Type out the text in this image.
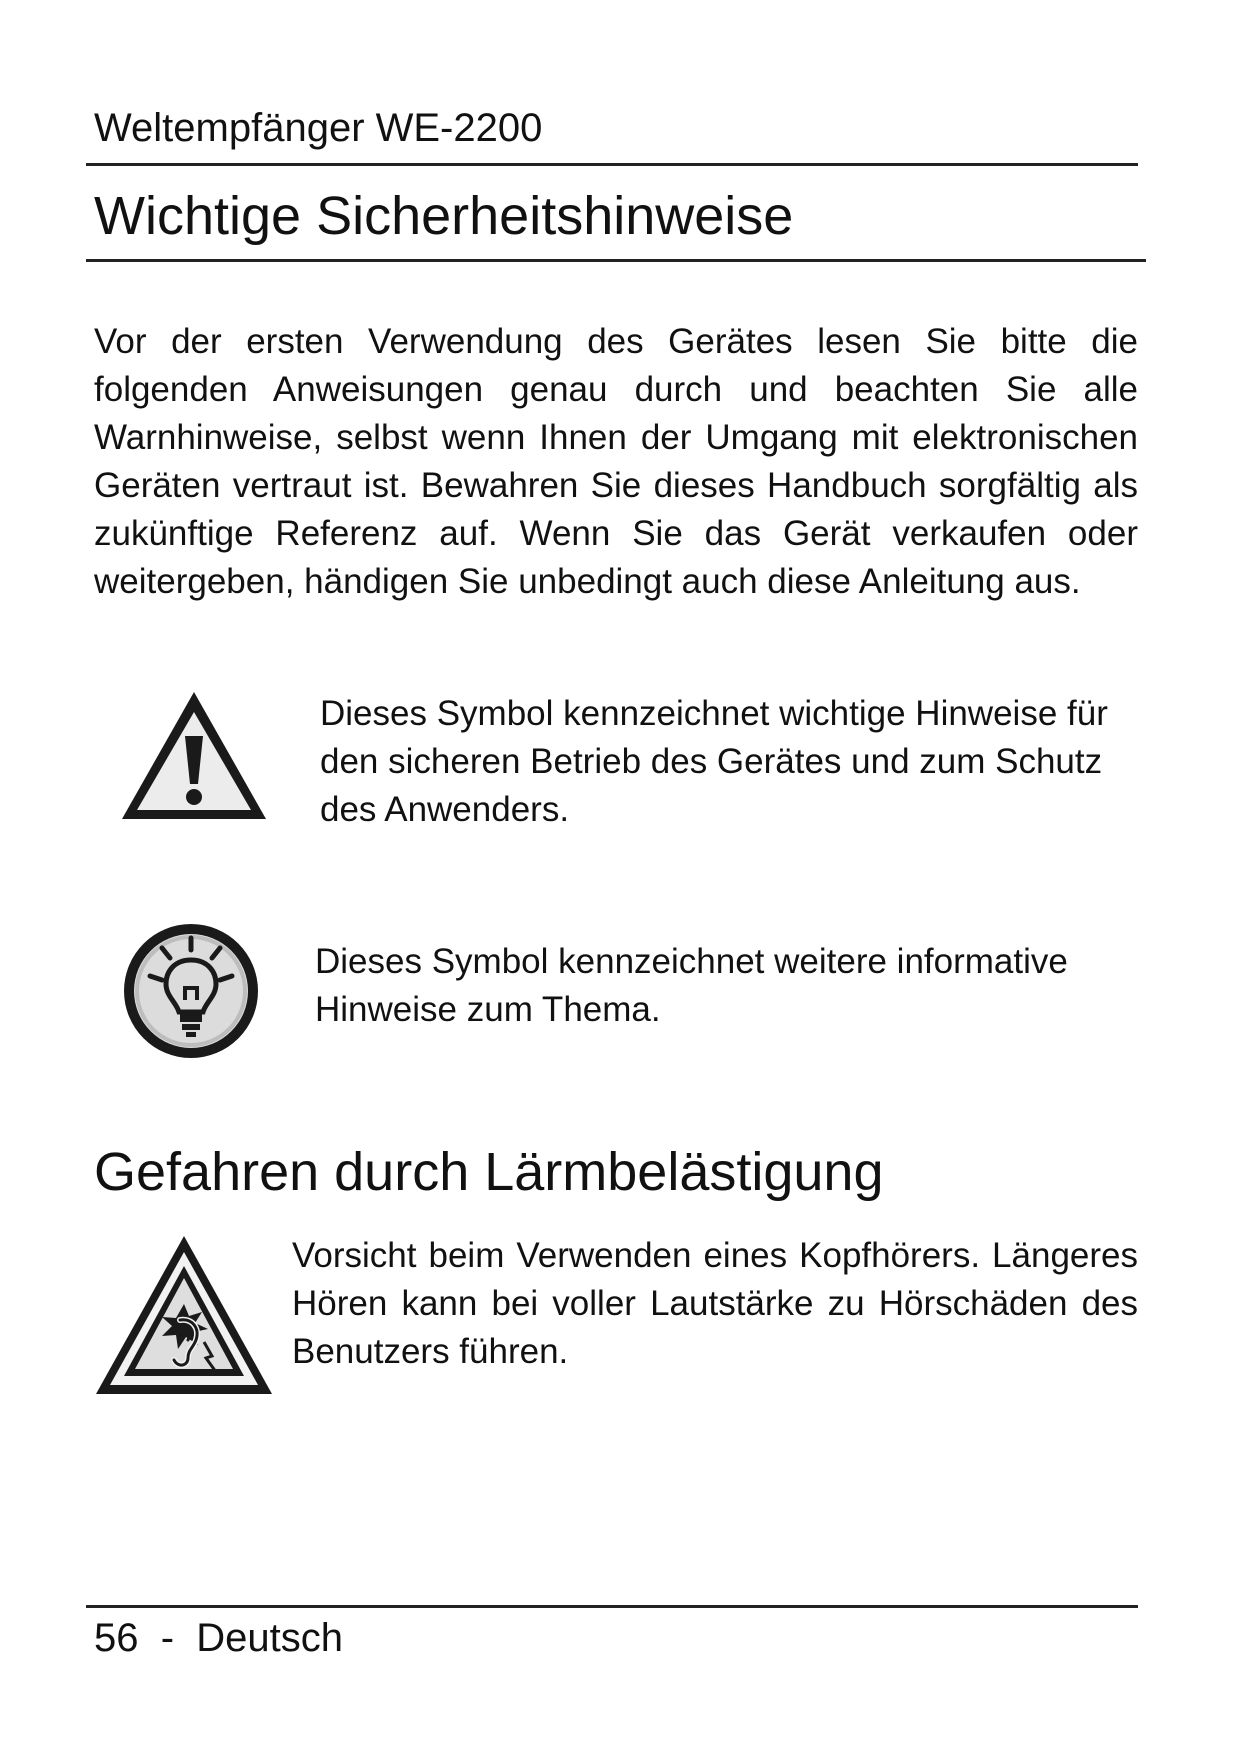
Weltempfänger WE-2200
Wichtige Sicherheitshinweise

Vor der ersten Verwendung des Gerätes lesen Sie bitte die folgenden Anweisungen genau durch und beachten Sie alle Warnhinweise, selbst wenn Ihnen der Umgang mit elektronischen Geräten vertraut ist. Bewahren Sie dieses Handbuch sorgfältig als zukünftige Referenz auf. Wenn Sie das Gerät verkaufen oder weitergeben, händigen Sie unbedingt auch diese Anleitung aus.

Dieses Symbol kennzeichnet wichtige Hinweise für den sicheren Betrieb des Gerätes und zum Schutz des Anwenders.

Dieses Symbol kennzeichnet weitere informative Hinweise zum Thema.

Gefahren durch Lärmbelästigung

Vorsicht beim Verwenden eines Kopfhörers. Längeres Hören kann bei voller Lautstärke zu Hörschäden des Benutzers führen.

56 - Deutsch
